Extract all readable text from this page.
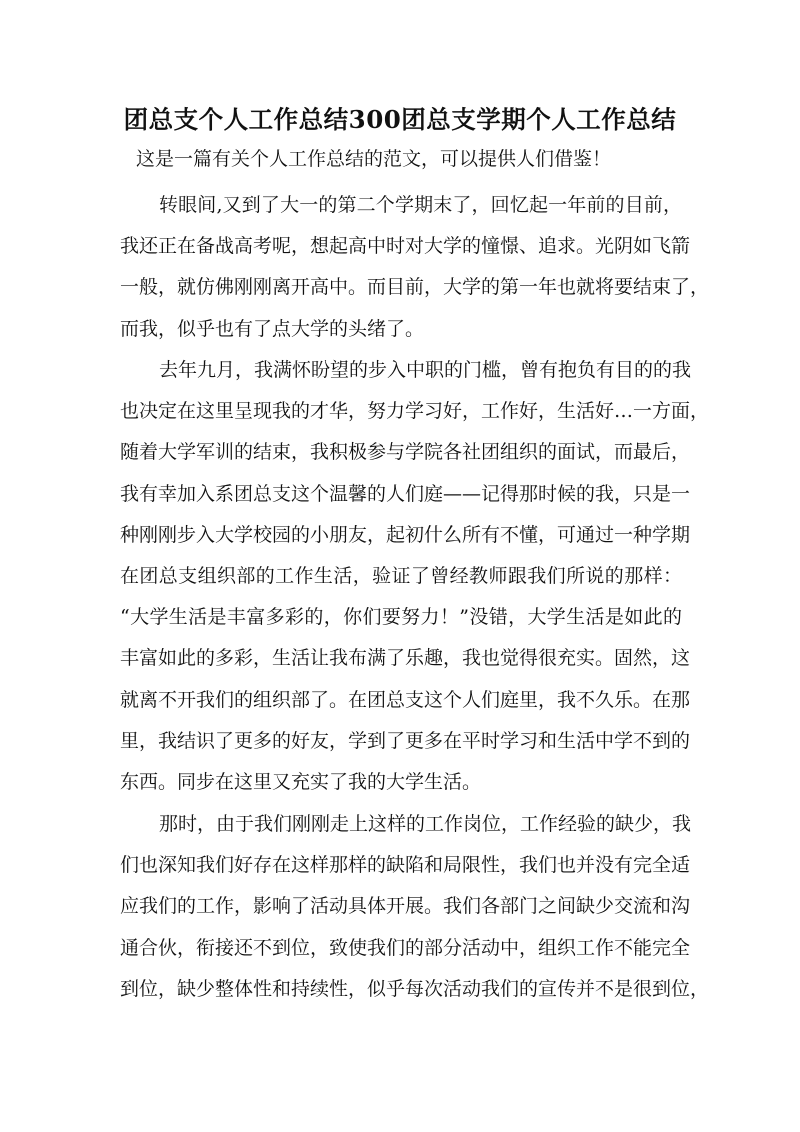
团总支个人工作总结300团总支学期个人工作总结

这是一篇有关个人工作总结的范文，可以提供人们借鉴！

转眼间,又到了大一的第二个学期末了，回忆起一年前的目前，
我还正在备战高考呢，想起高中时对大学的憧憬、追求。光阴如飞箭
一般，就仿佛刚刚离开高中。而目前，大学的第一年也就将要结束了，
而我，似乎也有了点大学的头绪了。
去年九月，我满怀盼望的步入中职的门槛，曾有抱负有目的的我
也决定在这里呈现我的才华，努力学习好，工作好，生活好…一方面，
随着大学军训的结束，我积极参与学院各社团组织的面试，而最后，
我有幸加入系团总支这个温馨的人们庭——记得那时候的我，只是一
种刚刚步入大学校园的小朋友，起初什么所有不懂，可通过一种学期
在团总支组织部的工作生活，验证了曾经教师跟我们所说的那样：
“大学生活是丰富多彩的，你们要努力！”没错，大学生活是如此的
丰富如此的多彩，生活让我布满了乐趣，我也觉得很充实。固然，这
就离不开我们的组织部了。在团总支这个人们庭里，我不久乐。在那
里，我结识了更多的好友，学到了更多在平时学习和生活中学不到的
东西。同步在这里又充实了我的大学生活。
那时，由于我们刚刚走上这样的工作岗位，工作经验的缺少，我
们也深知我们好存在这样那样的缺陷和局限性，我们也并没有完全适
应我们的工作，影响了活动具体开展。我们各部门之间缺少交流和沟
通合伙，衔接还不到位，致使我们的部分活动中，组织工作不能完全
到位，缺少整体性和持续性，似乎每次活动我们的宣传并不是很到位，
